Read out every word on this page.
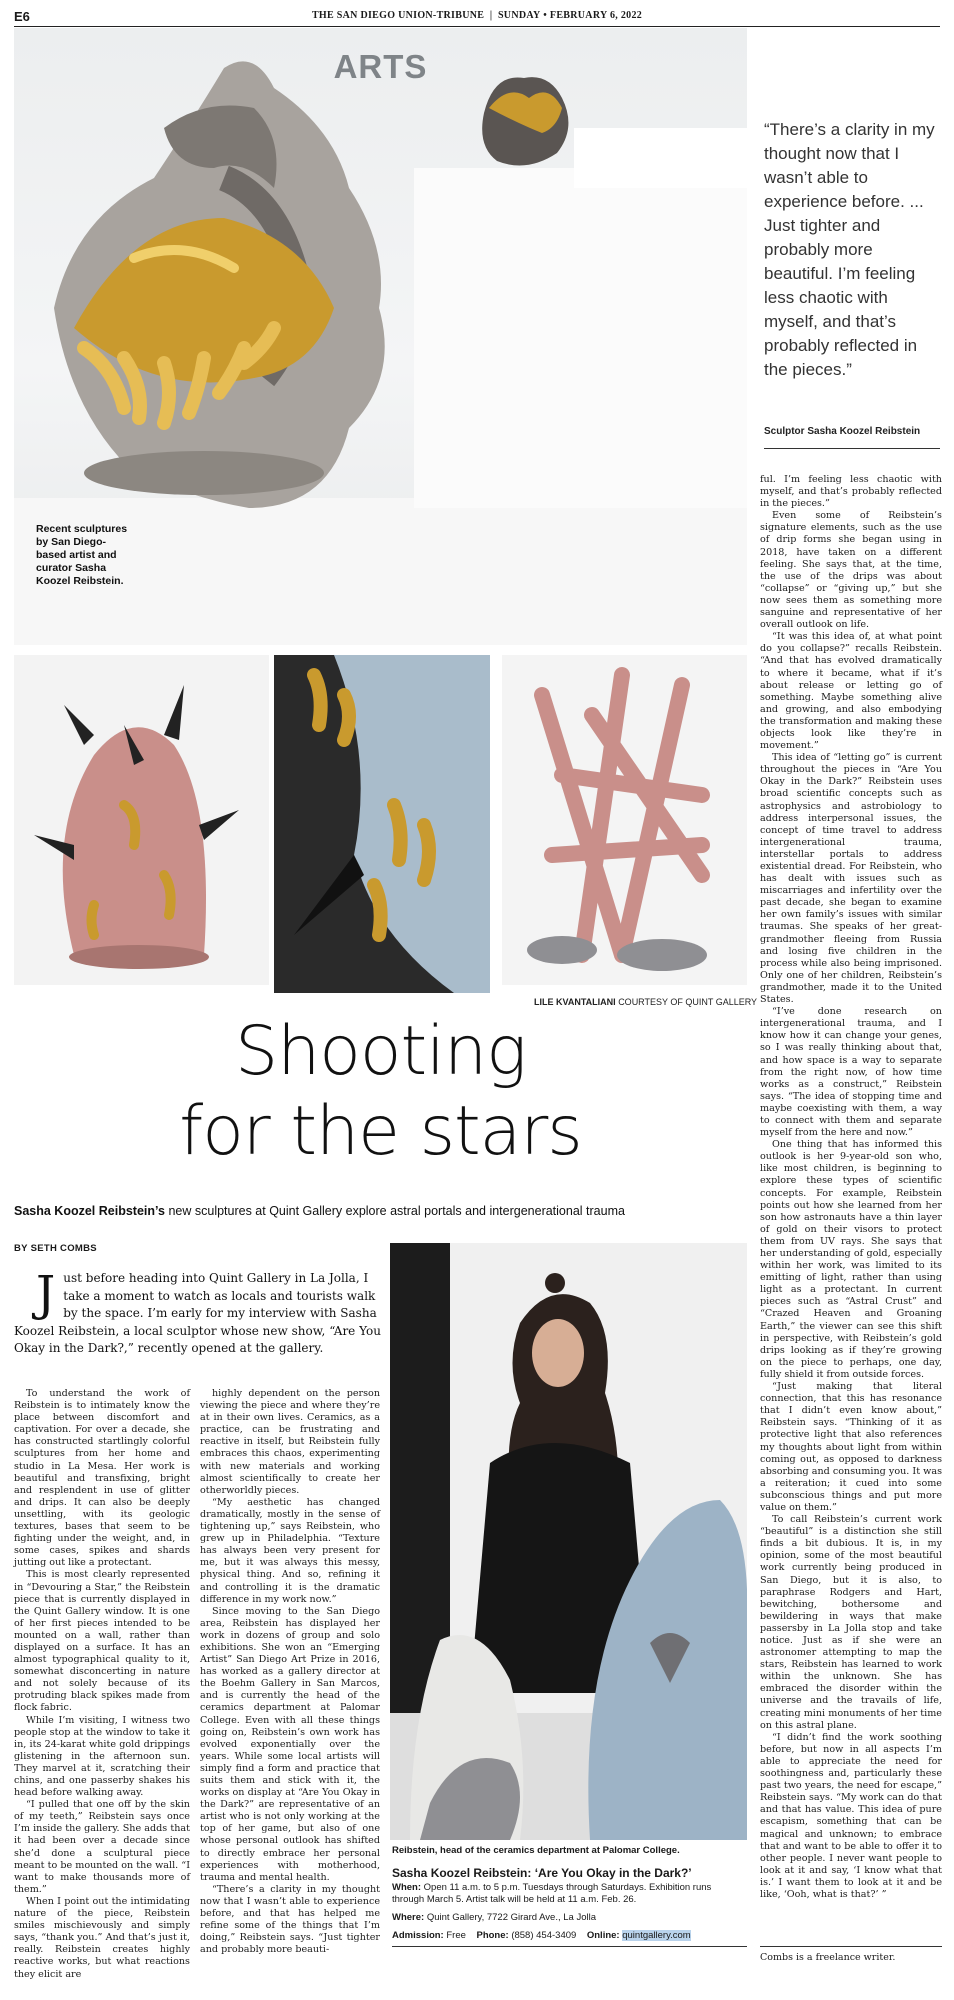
E6	THE SAN DIEGO UNION-TRIBUNE  |  SUNDAY • FEBRUARY 6, 2022
ARTS
Recent sculptures by San Diego-based artist and curator Sasha Koozel Reibstein.
LILE KVANTALIANI COURTESY OF QUINT GALLERY
“There’s a clarity in my thought now that I wasn’t able to experience before. ... Just tighter and probably more beautiful. I’m feeling less chaotic with myself, and that’s probably reflected in the pieces.”
Sculptor Sasha Koozel Reibstein
Shooting
for the stars
Sasha Koozel Reibstein’s new sculptures at Quint Gallery explore astral portals and intergenerational trauma
BY SETH COMBS
Just before heading into Quint Gallery in La Jolla, I take a moment to watch as locals and tourists walk by the space. I’m early for my interview with Sasha Koozel Reibstein, a local sculptor whose new show, “Are You Okay in the Dark?,” recently opened at the gallery.

To understand the work of Reibstein is to intimately know the place between discomfort and captivation. For over a decade, she has constructed startlingly colorful sculptures from her home and studio in La Mesa. Her work is beautiful and transfixing, bright and resplendent in use of glitter and drips. It can also be deeply unsettling, with its geologic textures, bases that seem to be fighting under the weight, and, in some cases, spikes and shards jutting out like a protectant.

This is most clearly represented in “Devouring a Star,” the Reibstein piece that is currently displayed in the Quint Gallery window. It is one of her first pieces intended to be mounted on a wall, rather than displayed on a surface. It has an almost typographical quality to it, somewhat disconcerting in nature and not solely because of its protruding black spikes made from flock fabric.

While I’m visiting, I witness two people stop at the window to take it in, its 24-karat white gold drippings glistening in the afternoon sun. They marvel at it, scratching their chins, and one passerby shakes his head before walking away.

“I pulled that one off by the skin of my teeth,” Reibstein says once I’m inside the gallery. She adds that it had been over a decade since she’d done a sculptural piece meant to be mounted on the wall. “I want to make thousands more of them.”

When I point out the intimidating nature of the piece, Reibstein smiles mischievously and simply says, “thank you.” And that’s just it, really. Reibstein creates highly reactive works, but what reactions they elicit are

highly dependent on the person viewing the piece and where they’re at in their own lives. Ceramics, as a practice, can be frustrating and reactive in itself, but Reibstein fully embraces this chaos, experimenting with new materials and working almost scientifically to create her otherworldly pieces.

“My aesthetic has changed dramatically, mostly in the sense of tightening up,” says Reibstein, who grew up in Philadelphia. “Texture has always been very present for me, but it was always this messy, physical thing. And so, refining it and controlling it is the dramatic difference in my work now.”

Since moving to the San Diego area, Reibstein has displayed her work in dozens of group and solo exhibitions. She won an “Emerging Artist” San Diego Art Prize in 2016, has worked as a gallery director at the Boehm Gallery in San Marcos, and is currently the head of the ceramics department at Palomar College. Even with all these things going on, Reibstein’s own work has evolved exponentially over the years. While some local artists will simply find a form and practice that suits them and stick with it, the works on display at “Are You Okay in the Dark?” are representative of an artist who is not only working at the top of her game, but also of one whose personal outlook has shifted to directly embrace her personal experiences with motherhood, trauma and mental health.

“There’s a clarity in my thought now that I wasn’t able to experience before, and that has helped me refine some of the things that I’m doing,” Reibstein says. “Just tighter and probably more beauti-

ful. I’m feeling less chaotic with myself, and that’s probably reflected in the pieces.”

Even some of Reibstein’s signature elements, such as the use of drip forms she began using in 2018, have taken on a different feeling. She says that, at the time, the use of the drips was about “collapse” or “giving up,” but she now sees them as something more sanguine and representative of her overall outlook on life.

“It was this idea of, at what point do you collapse?” recalls Reibstein. “And that has evolved dramatically to where it became, what if it’s about release or letting go of something. Maybe something alive and growing, and also embodying the transformation and making these objects look like they’re in movement.”

This idea of “letting go” is current throughout the pieces in “Are You Okay in the Dark?” Reibstein uses broad scientific concepts such as astrophysics and astrobiology to address interpersonal issues, the concept of time travel to address intergenerational trauma, interstellar portals to address existential dread. For Reibstein, who has dealt with issues such as miscarriages and infertility over the past decade, she began to examine her own family’s issues with similar traumas. She speaks of her great-grandmother fleeing from Russia and losing five children in the process while also being imprisoned. Only one of her children, Reibstein’s grandmother, made it to the United States.

“I’ve done research on intergenerational trauma, and I know how it can change your genes, so I was really thinking about that, and how space is a way to separate from the right now, of how time works as a construct,” Reibstein says. “The idea of stopping time and maybe coexisting with them, a way to connect with them and separate myself from the here and now.”

One thing that has informed this outlook is her 9-year-old son who, like most children, is beginning to explore these types of scientific concepts. For example, Reibstein points out how she learned from her son how astronauts have a thin layer of gold on their visors to protect them from UV rays. She says that her understanding of gold, especially within her work, was limited to its emitting of light, rather than using light as a protectant. In current pieces such as “Astral Crust” and “Crazed Heaven and Groaning Earth,” the viewer can see this shift in perspective, with Reibstein’s gold drips looking as if they’re growing on the piece to perhaps, one day, fully shield it from outside forces.

“Just making that literal connection, that this has resonance that I didn’t even know about,” Reibstein says. “Thinking of it as protective light that also references my thoughts about light from within coming out, as opposed to darkness absorbing and consuming you. It was a reiteration; it cued into some subconscious things and put more value on them.”

To call Reibstein’s current work “beautiful” is a distinction she still finds a bit dubious. It is, in my opinion, some of the most beautiful work currently being produced in San Diego, but it is also, to paraphrase Rodgers and Hart, bewitching, bothersome and bewildering in ways that make passersby in La Jolla stop and take notice. Just as if she were an astronomer attempting to map the stars, Reibstein has learned to work within the unknown. She has embraced the disorder within the universe and the travails of life, creating mini monuments of her time on this astral plane.

“I didn’t find the work soothing before, but now in all aspects I’m able to appreciate the need for soothingness and, particularly these past two years, the need for escape,” Reibstein says. “My work can do that and that has value. This idea of pure escapism, something that can be magical and unknown; to embrace that and want to be able to offer it to other people. I never want people to look at it and say, ‘I know what that is.’ I want them to look at it and be like, ‘Ooh, what is that?’ ”

Combs is a freelance writer.
Reibstein, head of the ceramics department at Palomar College.
Sasha Koozel Reibstein: ‘Are You Okay in the Dark?’
When: Open 11 a.m. to 5 p.m. Tuesdays through Saturdays. Exhibition runs through March 5. Artist talk will be held at 11 a.m. Feb. 26.
Where: Quint Gallery, 7722 Girard Ave., La Jolla
Admission: Free Phone: (858) 454-3409 Online: quintgallery.com
